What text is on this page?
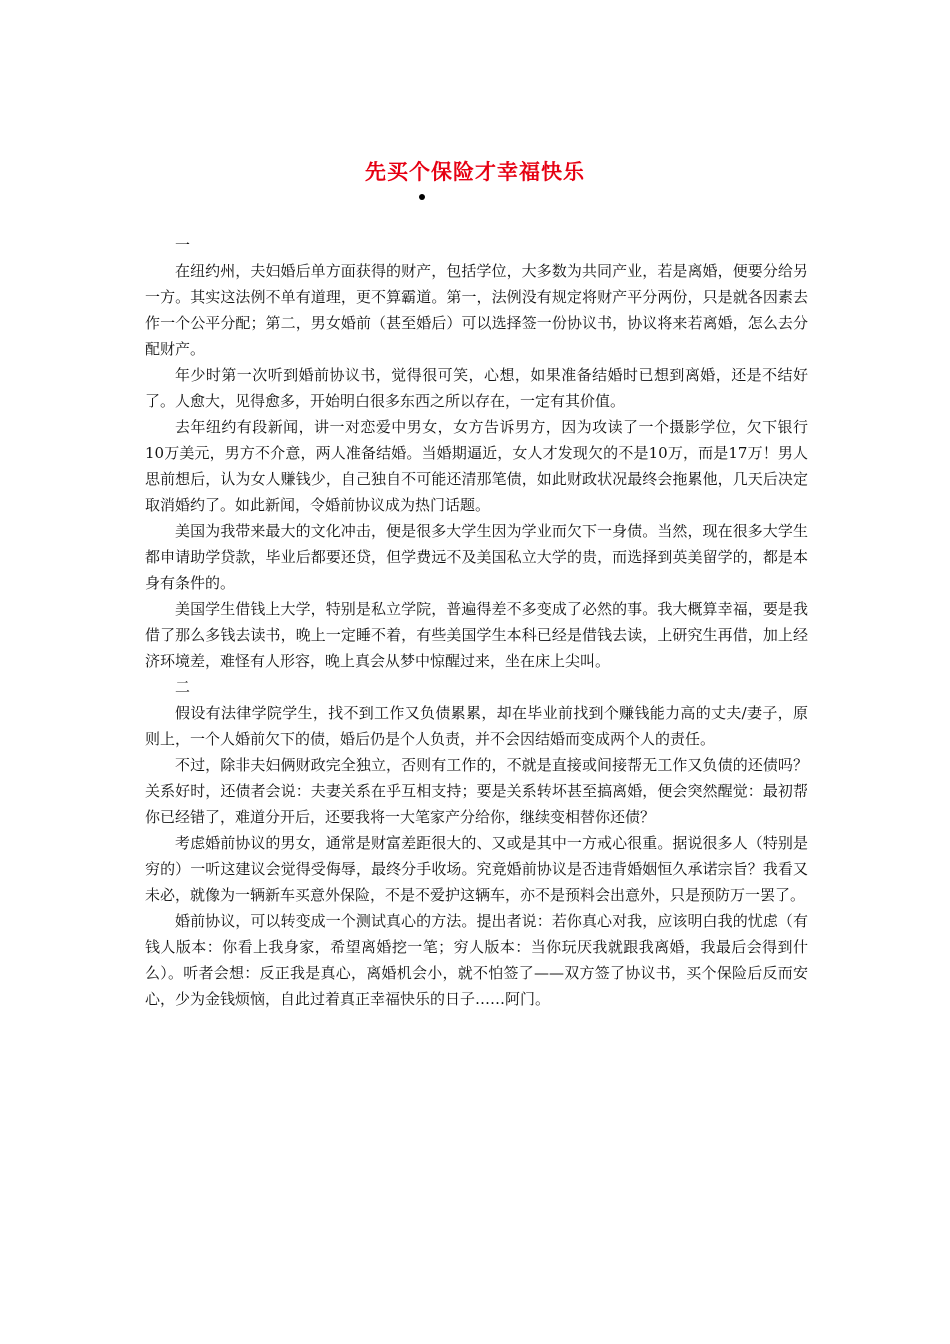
先买个保险才幸福快乐

一

在纽约州，夫妇婚后单方面获得的财产，包括学位，大多数为共同产业，若是离婚，便要分给另一方。其实这法例不单有道理，更不算霸道。第一，法例没有规定将财产平分两份，只是就各因素去作一个公平分配；第二，男女婚前（甚至婚后）可以选择签一份协议书，协议将来若离婚，怎么去分配财产。

年少时第一次听到婚前协议书，觉得很可笑，心想，如果准备结婚时已想到离婚，还是不结好了。人愈大，见得愈多，开始明白很多东西之所以存在，一定有其价值。

去年纽约有段新闻，讲一对恋爱中男女，女方告诉男方，因为攻读了一个摄影学位，欠下银行10万美元，男方不介意，两人准备结婚。当婚期逼近，女人才发现欠的不是10万，而是17万！男人思前想后，认为女人赚钱少，自己独自不可能还清那笔债，如此财政状况最终会拖累他，几天后决定取消婚约了。如此新闻，令婚前协议成为热门话题。

美国为我带来最大的文化冲击，便是很多大学生因为学业而欠下一身债。当然，现在很多大学生都申请助学贷款，毕业后都要还贷，但学费远不及美国私立大学的贵，而选择到英美留学的，都是本身有条件的。

美国学生借钱上大学，特别是私立学院，普遍得差不多变成了必然的事。我大概算幸福，要是我借了那么多钱去读书，晚上一定睡不着，有些美国学生本科已经是借钱去读，上研究生再借，加上经济环境差，难怪有人形容，晚上真会从梦中惊醒过来，坐在床上尖叫。

二

假设有法律学院学生，找不到工作又负债累累，却在毕业前找到个赚钱能力高的丈夫/妻子，原则上，一个人婚前欠下的债，婚后仍是个人负责，并不会因结婚而变成两个人的责任。

不过，除非夫妇俩财政完全独立，否则有工作的，不就是直接或间接帮无工作又负债的还债吗？关系好时，还债者会说：夫妻关系在乎互相支持；要是关系转坏甚至搞离婚，便会突然醒觉：最初帮你已经错了，难道分开后，还要我将一大笔家产分给你，继续变相替你还债？

考虑婚前协议的男女，通常是财富差距很大的、又或是其中一方戒心很重。据说很多人（特别是穷的）一听这建议会觉得受侮辱，最终分手收场。究竟婚前协议是否违背婚姻恒久承诺宗旨？我看又未必，就像为一辆新车买意外保险，不是不爱护这辆车，亦不是预料会出意外，只是预防万一罢了。

婚前协议，可以转变成一个测试真心的方法。提出者说：若你真心对我，应该明白我的忧虑（有钱人版本：你看上我身家，希望离婚挖一笔；穷人版本：当你玩厌我就跟我离婚，我最后会得到什么）。听者会想：反正我是真心，离婚机会小，就不怕签了——双方签了协议书，买个保险后反而安心，少为金钱烦恼，自此过着真正幸福快乐的日子……阿门。
